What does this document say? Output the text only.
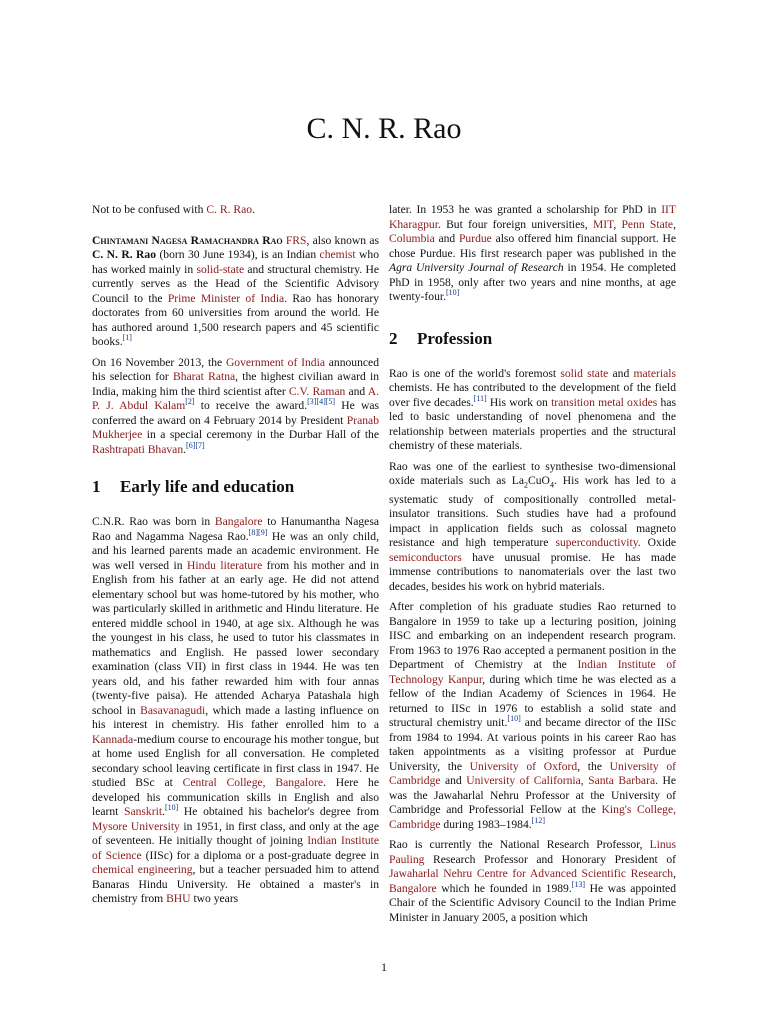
C. N. R. Rao

Not to be confused with C. R. Rao.

Chintamani Nagesa Ramachandra Rao FRS, also known as C. N. R. Rao (born 30 June 1934), is an Indian chemist who has worked mainly in solid-state and structural chemistry. He currently serves as the Head of the Scientific Advisory Council to the Prime Minister of India. Rao has honorary doctorates from 60 universities from around the world. He has authored around 1,500 research papers and 45 scientific books.[1]

On 16 November 2013, the Government of India announced his selection for Bharat Ratna, the highest civilian award in India, making him the third scientist after C.V. Raman and A. P. J. Abdul Kalam[2] to receive the award.[3][4][5] He was conferred the award on 4 February 2014 by President Pranab Mukherjee in a special ceremony in the Durbar Hall of the Rashtrapati Bhavan.[6][7]

1 Early life and education

C.N.R. Rao was born in Bangalore to Hanumantha Nagesa Rao and Nagamma Nagesa Rao.[8][9] He was an only child, and his learned parents made an academic environment. He was well versed in Hindu literature from his mother and in English from his father at an early age. He did not attend elementary school but was home-tutored by his mother, who was particularly skilled in arithmetic and Hindu literature. He entered middle school in 1940, at age six. Although he was the youngest in his class, he used to tutor his classmates in mathematics and English. He passed lower secondary examination (class VII) in first class in 1944. He was ten years old, and his father rewarded him with four annas (twenty-five paisa). He attended Acharya Patashala high school in Basavanagudi, which made a lasting influence on his interest in chemistry. His father enrolled him to a Kannada-medium course to encourage his mother tongue, but at home used English for all conversation. He completed secondary school leaving certificate in first class in 1947. He studied BSc at Central College, Bangalore. Here he developed his communication skills in English and also learnt Sanskrit.[10] He obtained his bachelor's degree from Mysore University in 1951, in first class, and only at the age of seventeen. He initially thought of joining Indian Institute of Science (IISc) for a diploma or a post-graduate degree in chemical engineering, but a teacher persuaded him to attend Banaras Hindu University. He obtained a master's in chemistry from BHU two years

later. In 1953 he was granted a scholarship for PhD in IIT Kharagpur. But four foreign universities, MIT, Penn State, Columbia and Purdue also offered him financial support. He chose Purdue. His first research paper was published in the Agra University Journal of Research in 1954. He completed PhD in 1958, only after two years and nine months, at age twenty-four.[10]

2 Profession

Rao is one of the world's foremost solid state and materials chemists. He has contributed to the development of the field over five decades.[11] His work on transition metal oxides has led to basic understanding of novel phenomena and the relationship between materials properties and the structural chemistry of these materials.

Rao was one of the earliest to synthesise two-dimensional oxide materials such as $La_2CuO_4$. His work has led to a systematic study of compositionally controlled metal-insulator transitions. Such studies have had a profound impact in application fields such as colossal magneto resistance and high temperature superconductivity. Oxide semiconductors have unusual promise. He has made immense contributions to nanomaterials over the last two decades, besides his work on hybrid materials.

After completion of his graduate studies Rao returned to Bangalore in 1959 to take up a lecturing position, joining IISC and embarking on an independent research program. From 1963 to 1976 Rao accepted a permanent position in the Department of Chemistry at the Indian Institute of Technology Kanpur, during which time he was elected as a fellow of the Indian Academy of Sciences in 1964. He returned to IISc in 1976 to establish a solid state and structural chemistry unit.[10] and became director of the IISc from 1984 to 1994. At various points in his career Rao has taken appointments as a visiting professor at Purdue University, the University of Oxford, the University of Cambridge and University of California, Santa Barbara. He was the Jawaharlal Nehru Professor at the University of Cambridge and Professorial Fellow at the King's College, Cambridge during 1983–1984.[12]

Rao is currently the National Research Professor, Linus Pauling Research Professor and Honorary President of Jawaharlal Nehru Centre for Advanced Scientific Research, Bangalore which he founded in 1989.[13] He was appointed Chair of the Scientific Advisory Council to the Indian Prime Minister in January 2005, a position which

1
